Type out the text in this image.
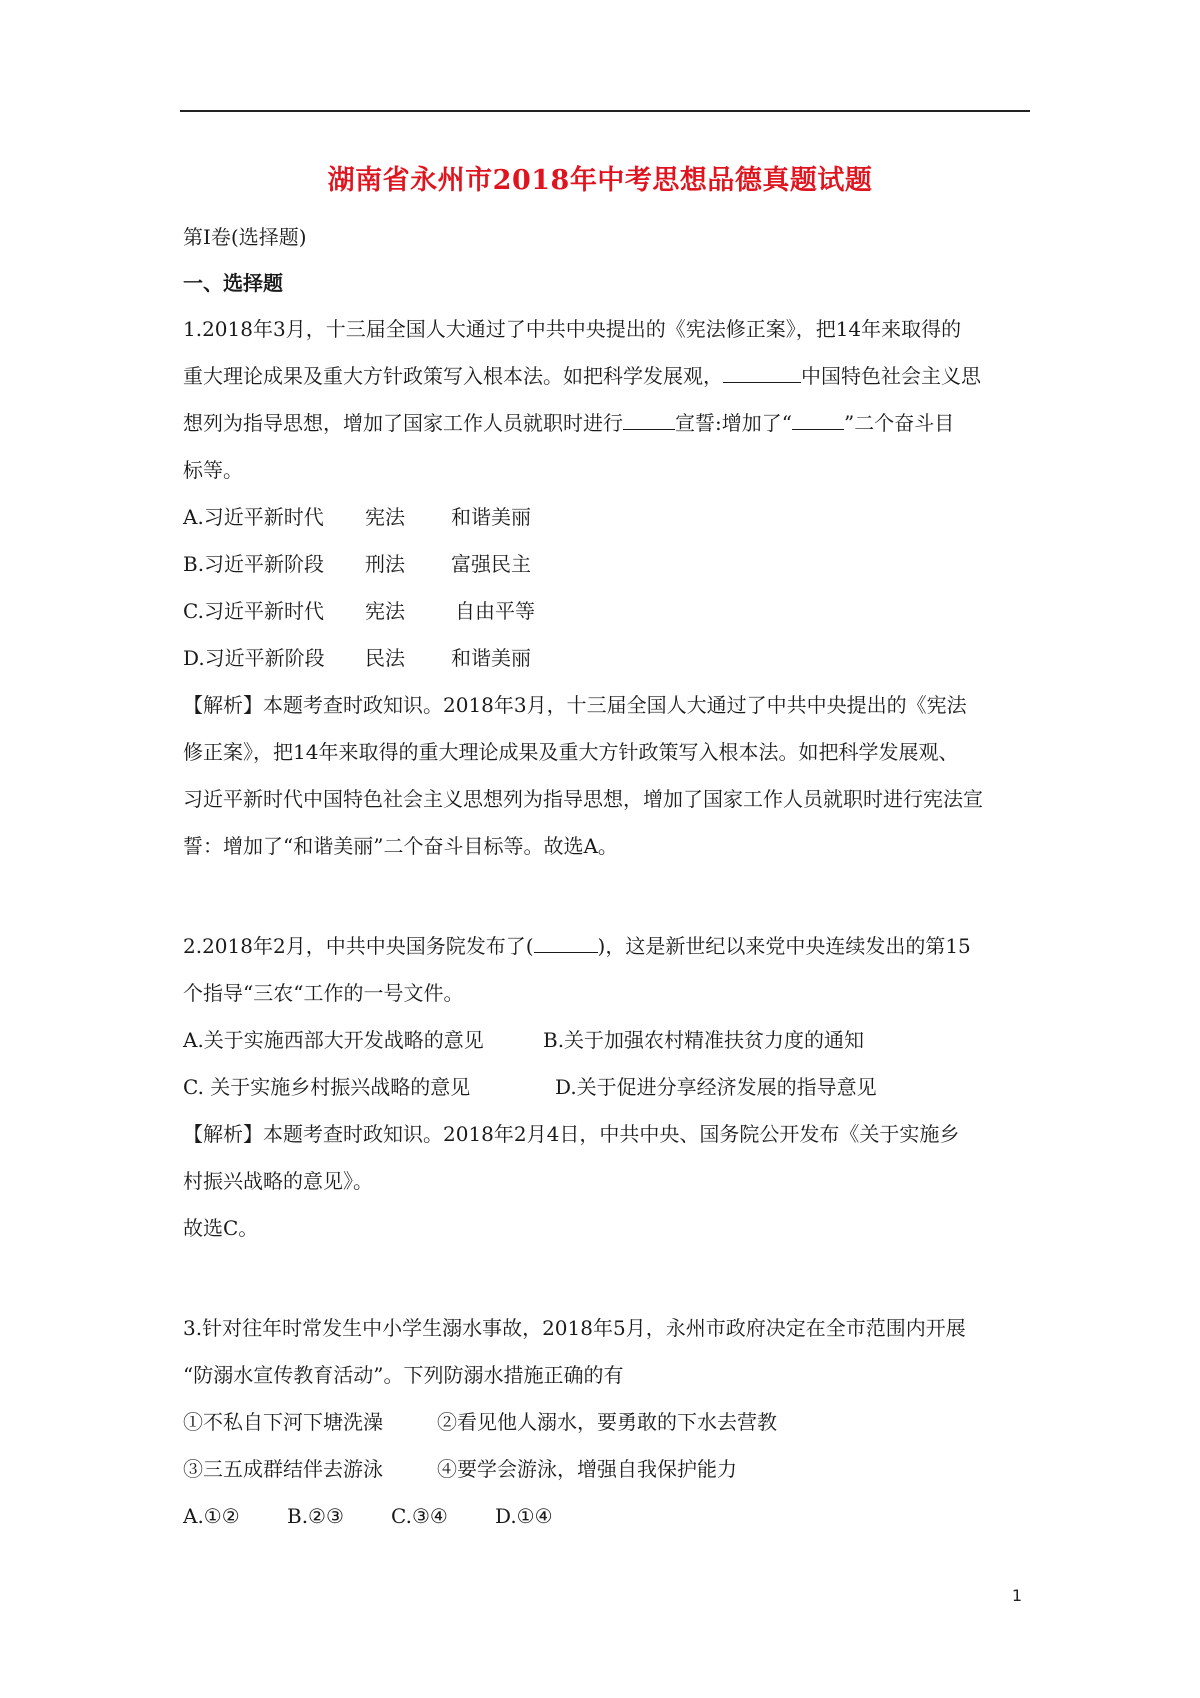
湖南省永州市2018年中考思想品德真题试题
第Ⅰ卷(选择题)
一、选择题
1.2018年3月，十三届全国人大通过了中共中央提出的《宪法修正案》，把14年来取得的
重大理论成果及重大方针政策写入根本法。如把科学发展观，	中国特色社会主义思
想列为指导思想，增加了国家工作人员就职时进行	宣誓:增加了“	”二个奋斗目
标等。
A.习近平新时代 宪法 和谐美丽
B.习近平新阶段 刑法 富强民主
C.习近平新时代 宪法	自由平等
D.习近平新阶段 民法 和谐美丽
【解析】本题考查时政知识。2018年3月，十三届全国人大通过了中共中央提出的《宪法
修正案》，把14年来取得的重大理论成果及重大方针政策写入根本法。如把科学发展观、
习近平新时代中国特色社会主义思想列为指导思想，增加了国家工作人员就职时进行宪法宣
誓：增加了“和谐美丽”二个奋斗目标等。故选A。
2.2018年2月，中共中央国务院发布了(	)，这是新世纪以来党中央连续发出的第15
个指导“三农“工作的一号文件。
A.关于实施西部大开发战略的意见	B.关于加强农村精准扶贫力度的通知
C. 关于实施乡村振兴战略的意见	D.关于促进分享经济发展的指导意见
【解析】本题考查时政知识。2018年2月4日，中共中央、国务院公开发布《关于实施乡
村振兴战略的意见》。
故选C。
3.针对往年时常发生中小学生溺水事故，2018年5月，永州市政府决定在全市范围内开展
“防溺水宣传教育活动”。下列防溺水措施正确的有
①不私自下河下塘洗澡	②看见他人溺水，要勇敢的下水去营教
③三五成群结伴去游泳	④要学会游泳，增强自我保护能力
A.①② B.②③ C.③④ D.①④
1
